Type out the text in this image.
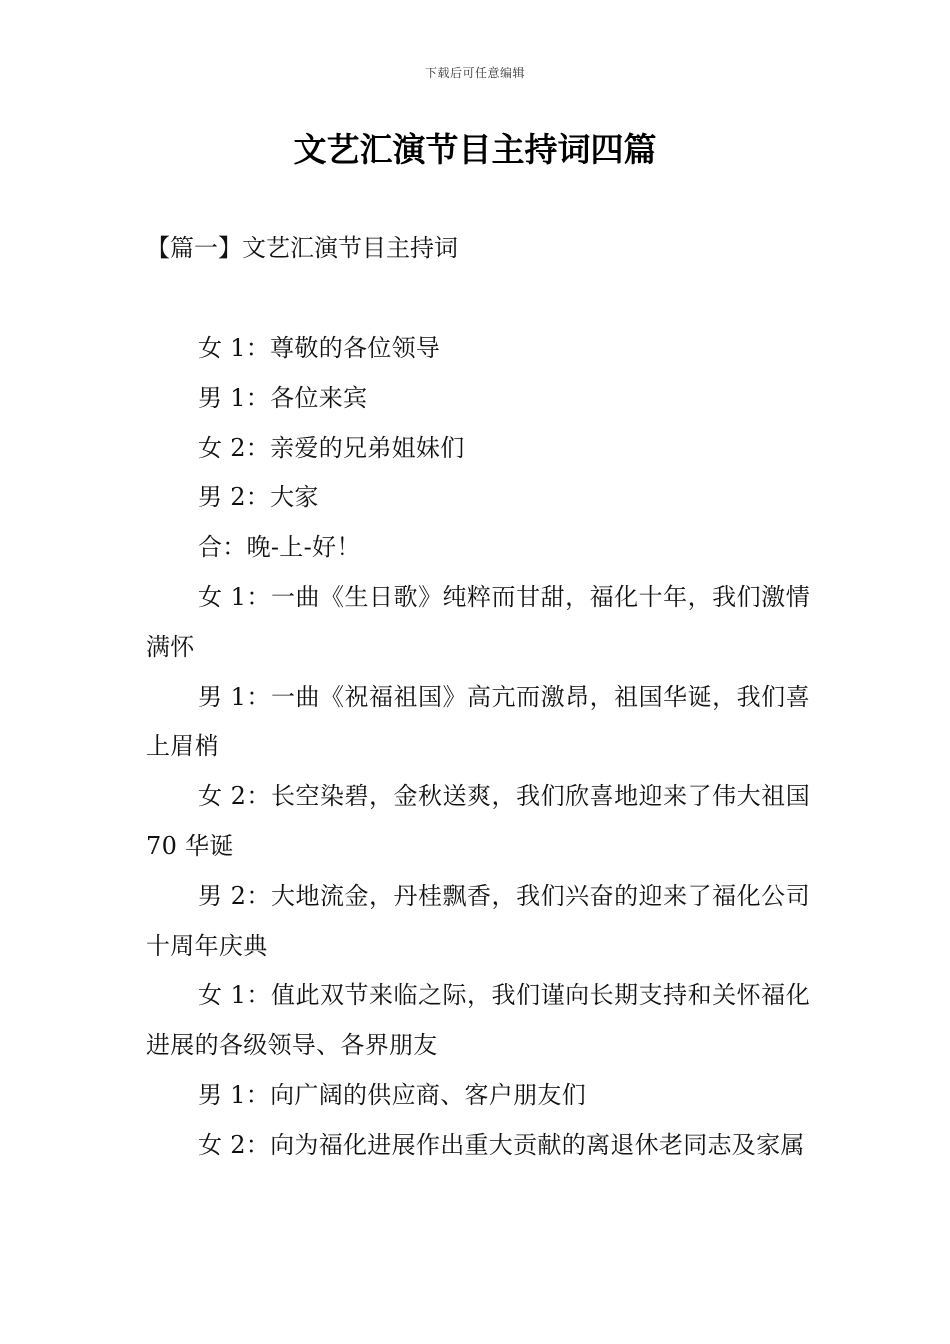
下载后可任意编辑
文艺汇演节目主持词四篇
【篇一】文艺汇演节目主持词

女 1：尊敬的各位领导

男 1：各位来宾

女 2：亲爱的兄弟姐妹们

男 2：大家

合：晚-上-好！

女 1：一曲《生日歌》纯粹而甘甜，福化十年，我们激情满怀

男 1：一曲《祝福祖国》高亢而激昂，祖国华诞，我们喜上眉梢

女 2：长空染碧，金秋送爽，我们欣喜地迎来了伟大祖国 70 华诞

男 2：大地流金，丹桂飘香，我们兴奋的迎来了福化公司十周年庆典

女 1：值此双节来临之际，我们谨向长期支持和关怀福化进展的各级领导、各界朋友

男 1：向广阔的供应商、客户朋友们

女 2：向为福化进展作出重大贡献的离退休老同志及家属
